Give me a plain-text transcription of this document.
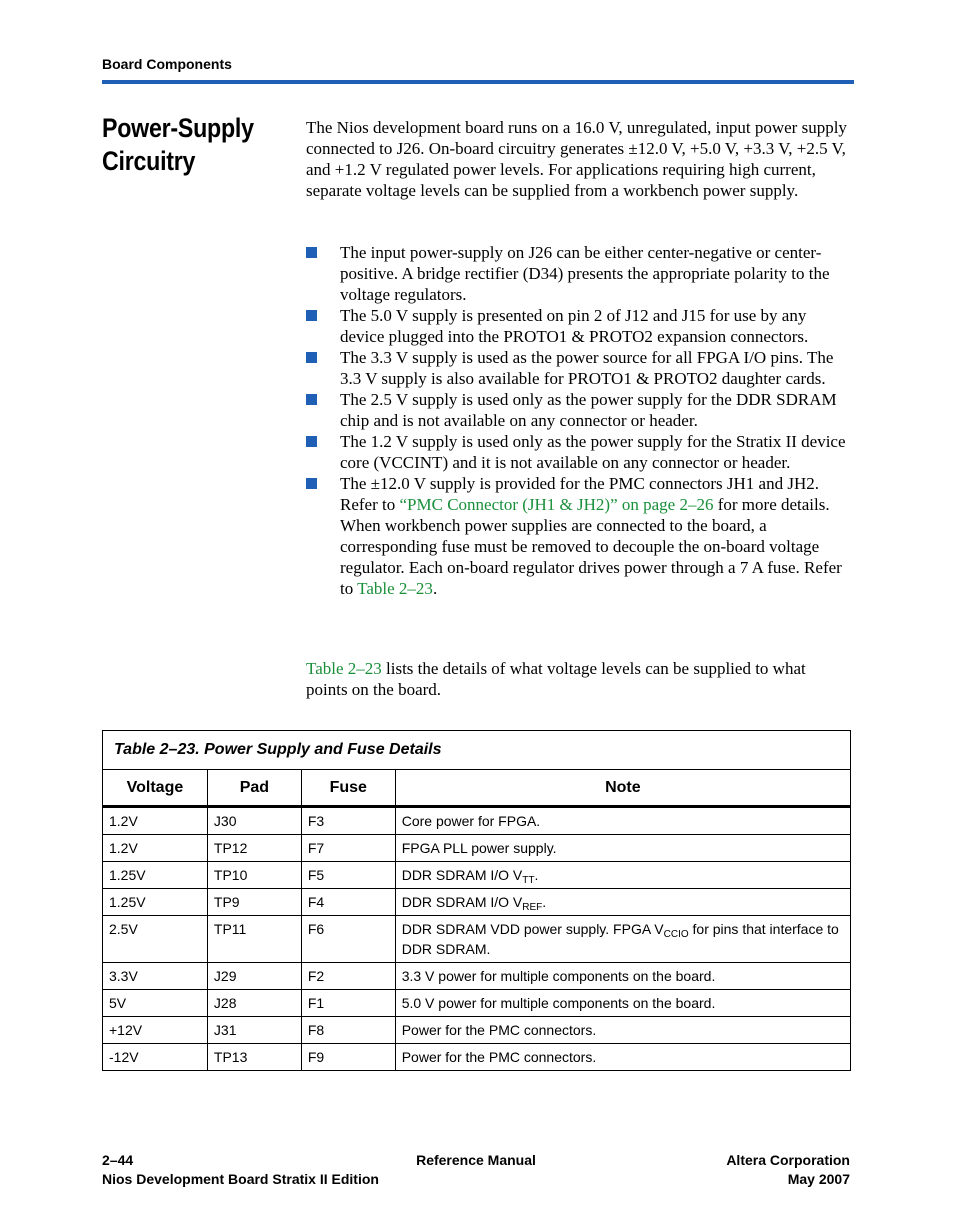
Board Components
Power-Supply Circuitry

The Nios development board runs on a 16.0 V, unregulated, input power supply connected to J26. On-board circuitry generates ±12.0 V, +5.0 V, +3.3 V, +2.5 V, and +1.2 V regulated power levels. For applications requiring high current, separate voltage levels can be supplied from a workbench power supply.

The input power-supply on J26 can be either center-negative or center-positive. A bridge rectifier (D34) presents the appropriate polarity to the voltage regulators.
The 5.0 V supply is presented on pin 2 of J12 and J15 for use by any device plugged into the PROTO1 & PROTO2 expansion connectors.
The 3.3 V supply is used as the power source for all FPGA I/O pins. The 3.3 V supply is also available for PROTO1 & PROTO2 daughter cards.
The 2.5 V supply is used only as the power supply for the DDR SDRAM chip and is not available on any connector or header.
The 1.2 V supply is used only as the power supply for the Stratix II device core (VCCINT) and it is not available on any connector or header.
The ±12.0 V supply is provided for the PMC connectors JH1 and JH2. Refer to “PMC Connector (JH1 & JH2)” on page 2–26 for more details. When workbench power supplies are connected to the board, a corresponding fuse must be removed to decouple the on-board voltage regulator. Each on-board regulator drives power through a 7 A fuse. Refer to Table 2–23.

Table 2–23 lists the details of what voltage levels can be supplied to what points on the board.

Table 2–23. Power Supply and Fuse Details			
Voltage	Pad	Fuse	Note
1.2V	J30	F3	Core power for FPGA.
1.2V	TP12	F7	FPGA PLL power supply.
1.25V	TP10	F5	DDR SDRAM I/O $V_{TT}$.
1.25V	TP9	F4	DDR SDRAM I/O $V_{REF}$.
2.5V	TP11	F6	DDR SDRAM VDD power supply. FPGA $V_{CCIO}$ for pins that interface to DDR SDRAM.
3.3V	J29	F2	3.3 V power for multiple components on the board.
5V	J28	F1	5.0 V power for multiple components on the board.
+12V	J31	F8	Power for the PMC connectors.
-12V	TP13	F9	Power for the PMC connectors.
2–44
Nios Development Board Stratix II Edition
Reference Manual	Altera Corporation
May 2007
